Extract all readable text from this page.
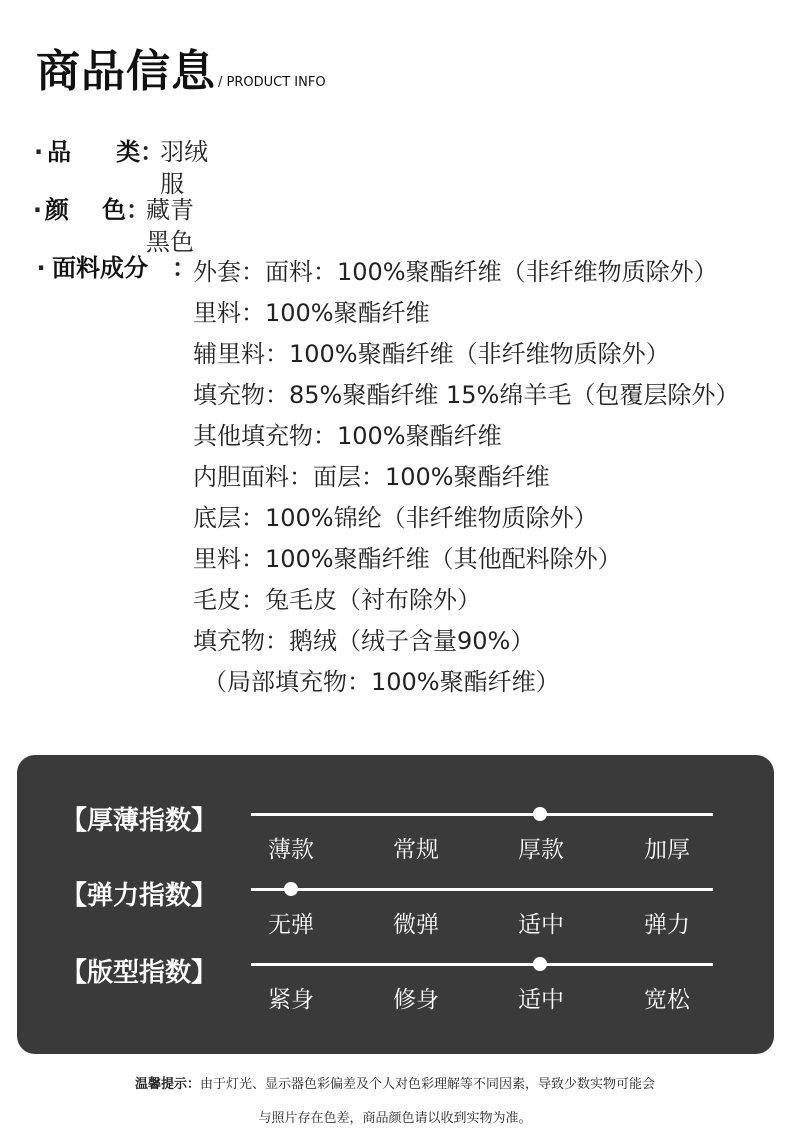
商品信息 / PRODUCT INFO
· 品 类 ：
羽绒服
· 颜 色 ：
藏青 黑色
· 面料成分	：
外套：面料：100%聚酯纤维（非纤维物质除外）
里料：100%聚酯纤维
辅里料：100%聚酯纤维（非纤维物质除外）
填充物：85%聚酯纤维 15%绵羊毛（包覆层除外）
其他填充物：100%聚酯纤维
内胆面料：面层：100%聚酯纤维
底层：100%锦纶（非纤维物质除外）
里料：100%聚酯纤维（其他配料除外）
毛皮：兔毛皮（衬布除外）
填充物：鹅绒（绒子含量90%）
（局部填充物：100%聚酯纤维）
【厚薄指数】
薄款	常规	厚款	加厚
【弹力指数】
无弹	微弹	适中	弹力
【版型指数】
紧身	修身	适中	宽松
温馨提示：由于灯光、显示器色彩偏差及个人对色彩理解等不同因素，导致少数实物可能会
与照片存在色差，商品颜色请以收到实物为准。
